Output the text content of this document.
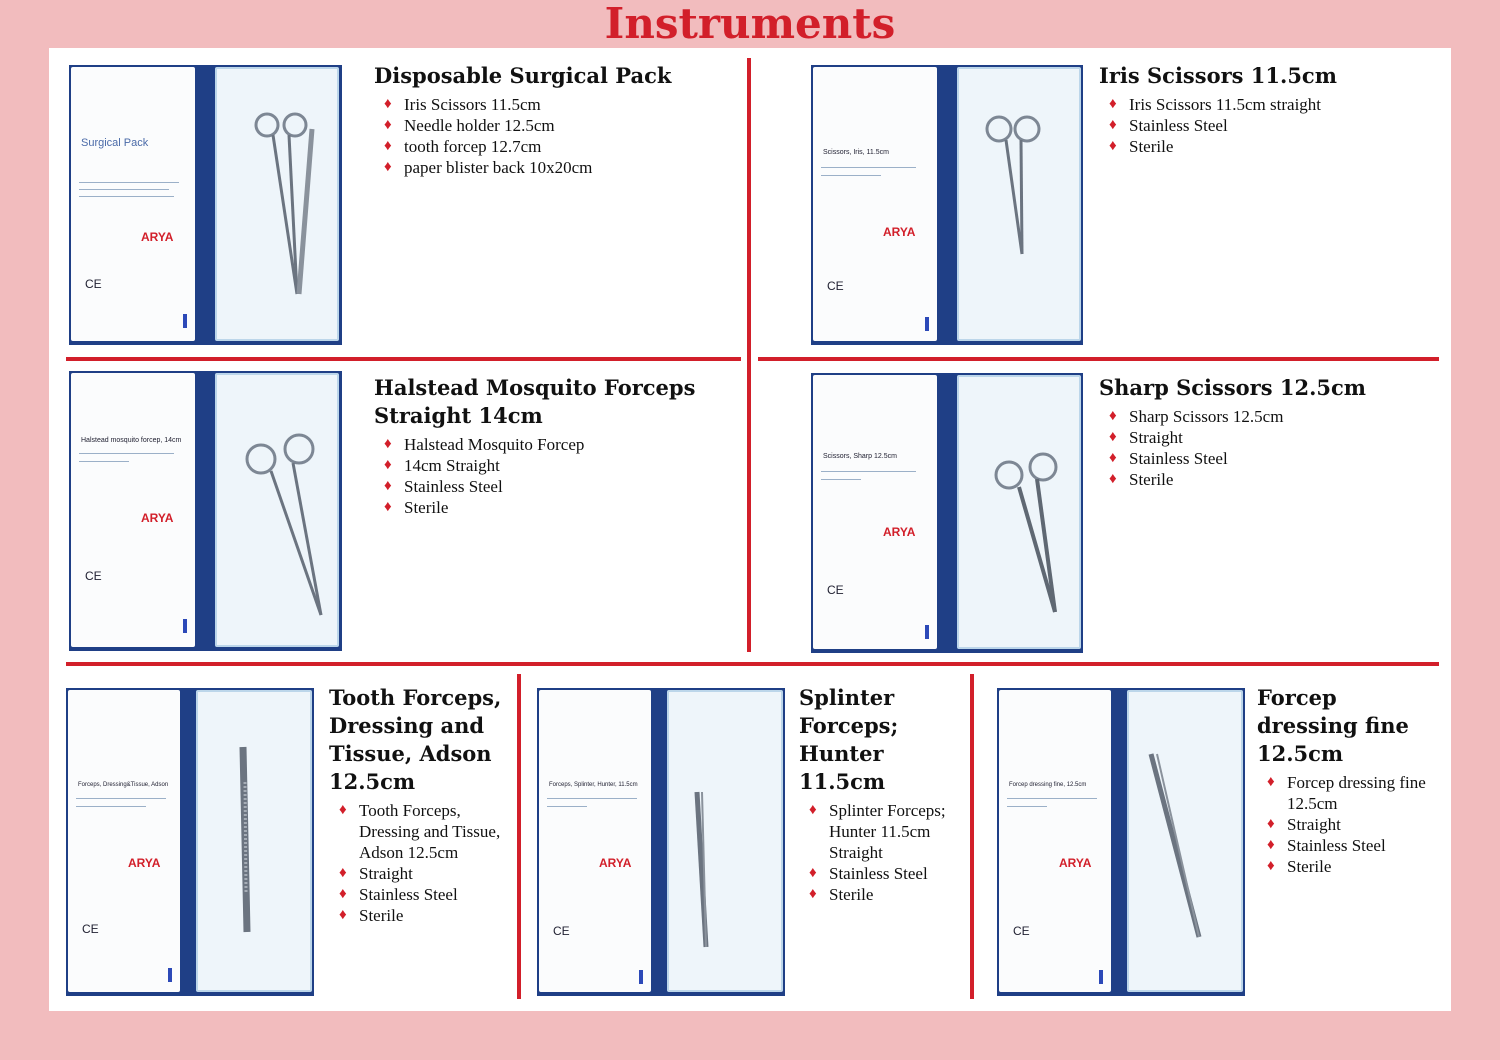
Instruments
Surgical Pack
ARYA
CE
Disposable Surgical Pack
♦ Iris Scissors 11.5cm
♦ Needle holder 12.5cm
♦ tooth forcep 12.7cm
♦ paper blister back 10x20cm
Scissors, Iris, 11.5cm
ARYA
CE
Iris Scissors 11.5cm
♦ Iris Scissors 11.5cm straight
♦ Stainless Steel
♦ Sterile
Halstead mosquito forcep, 14cm
ARYA
CE
Halstead Mosquito Forceps Straight 14cm
♦ Halstead Mosquito Forcep
♦ 14cm Straight
♦ Stainless Steel
♦ Sterile
Scissors, Sharp 12.5cm
ARYA
CE
Sharp Scissors 12.5cm
♦ Sharp Scissors 12.5cm
♦ Straight
♦ Stainless Steel
♦ Sterile
Forceps, Dressing&Tissue, Adson
ARYA
CE
Tooth Forceps, Dressing and Tissue, Adson 12.5cm
♦ Tooth Forceps, Dressing and Tissue, Adson 12.5cm
♦ Straight
♦ Stainless Steel
♦ Sterile
Forceps, Splinter, Hunter, 11.5cm
ARYA
CE
Splinter Forceps; Hunter 11.5cm
♦ Splinter Forceps; Hunter 11.5cm Straight
♦ Stainless Steel
♦ Sterile
Forcep dressing fine, 12.5cm
ARYA
CE
Forcep dressing fine 12.5cm
♦ Forcep dressing fine 12.5cm
♦ Straight
♦ Stainless Steel
♦ Sterile
